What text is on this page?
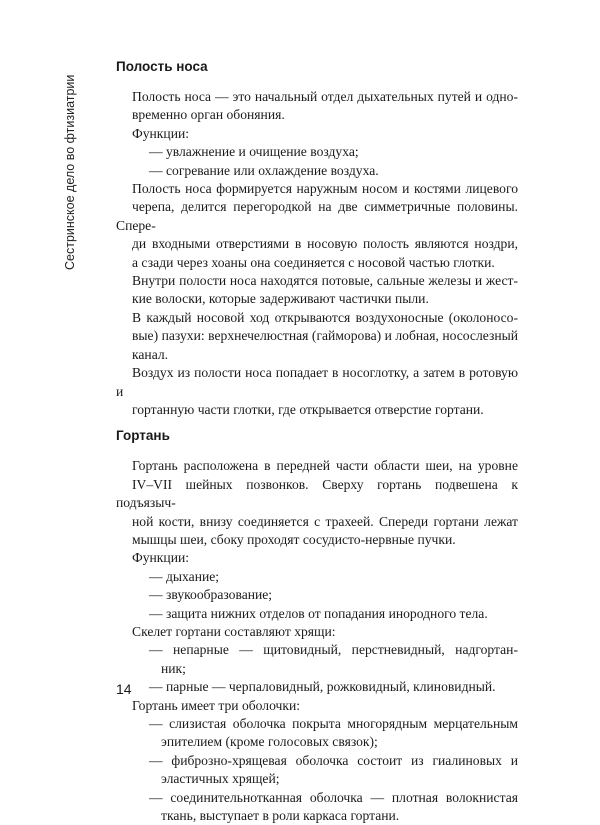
Сестринское дело во фтизиатрии
Полость носа

Полость носа — это начальный отдел дыхательных путей и одно-
временно орган обоняния.

Функции:

— увлажнение и очищение воздуха;
— согревание или охлаждение воздуха.

Полость носа формируется наружным носом и костями лицевого
черепа, делится перегородкой на две симметричные половины. Спере-
ди входными отверстиями в носовую полость являются ноздри,
а сзади через хоаны она соединяется с носовой частью глотки.

Внутри полости носа находятся потовые, сальные железы и жест-
кие волоски, которые задерживают частички пыли.

В каждый носовой ход открываются воздухоносные (околоносо-
вые) пазухи: верхнечелюстная (гайморова) и лобная, носослезный
канал.

Воздух из полости носа попадает в носоглотку, а затем в ротовую и
гортанную части глотки, где открывается отверстие гортани.

Гортань

Гортань расположена в передней части области шеи, на уровне
IV–VII шейных позвонков. Сверху гортань подвешена к подъязыч-
ной кости, внизу соединяется с трахеей. Спереди гортани лежат
мышцы шеи, сбоку проходят сосудисто-нервные пучки.

Функции:

— дыхание;
— звукообразование;
— защита нижних отделов от попадания инородного тела.

Скелет гортани составляют хрящи:

— непарные — щитовидный, перстневидный, надгортан-
ник;
— парные — черпаловидный, рожковидный, клиновидный.

Гортань имеет три оболочки:

— слизистая оболочка покрыта многорядным мерцательным
эпителием (кроме голосовых связок);
— фиброзно-хрящевая оболочка состоит из гиалиновых и
эластичных хрящей;
— соединительнотканная оболочка — плотная волокнистая
ткань, выступает в роли каркаса гортани.
14
